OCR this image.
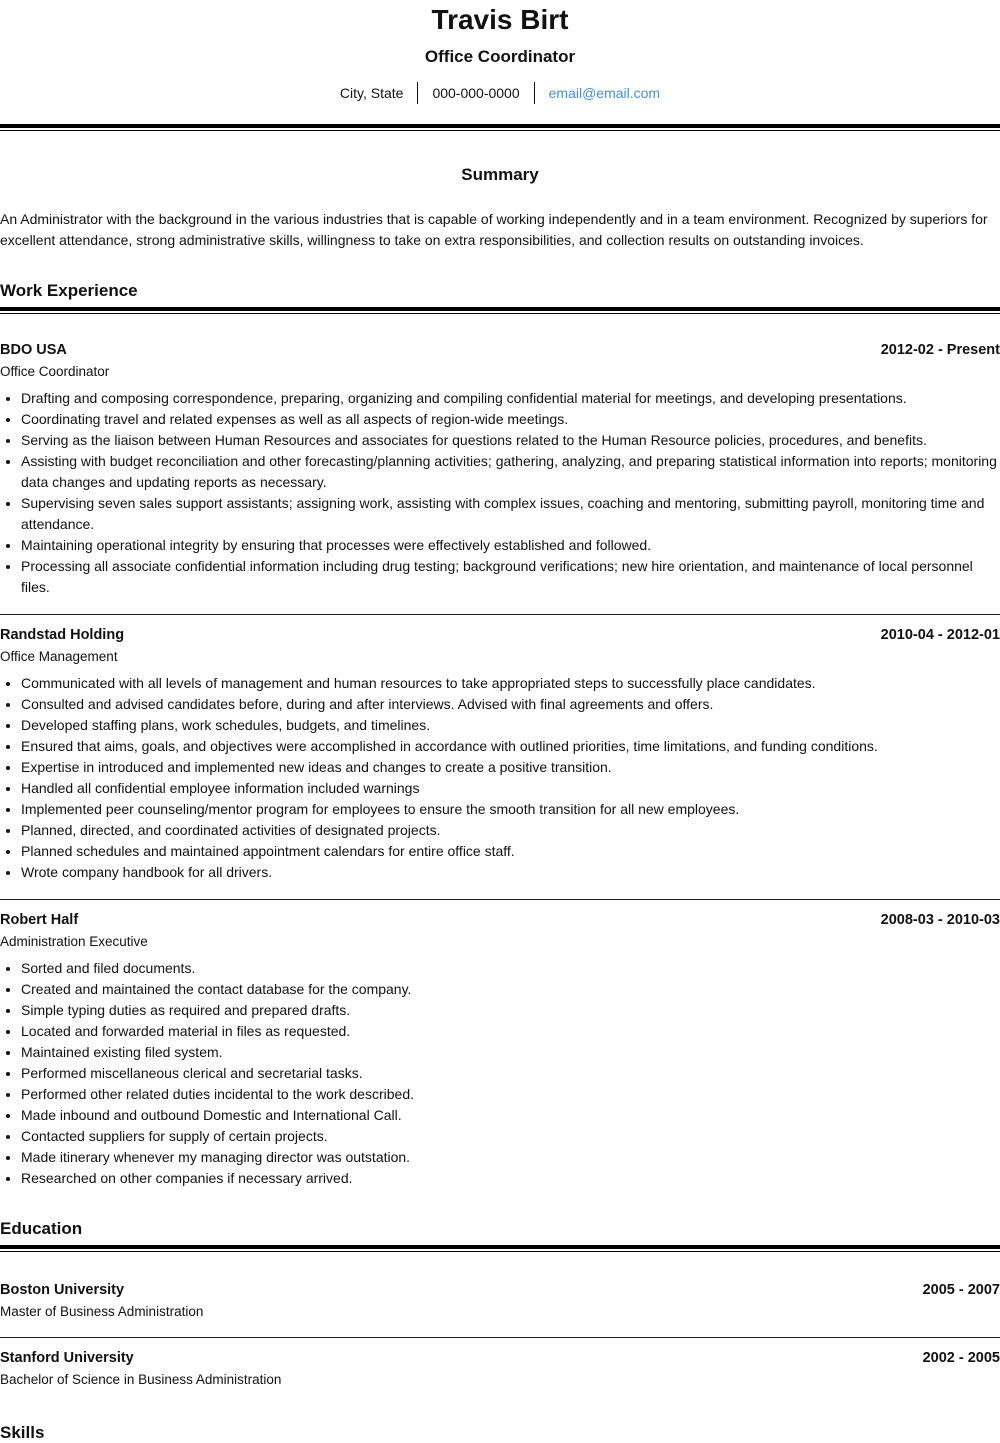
Travis Birt
Office Coordinator
City, State	000-000-0000	email@email.com
Summary
An Administrator with the background in the various industries that is capable of working independently and in a team environment. Recognized by superiors for excellent attendance, strong administrative skills, willingness to take on extra responsibilities, and collection results on outstanding invoices.
Work Experience
BDO USA	2012-02 - Present
Office Coordinator
• Drafting and composing correspondence, preparing, organizing and compiling confidential material for meetings, and developing presentations.
• Coordinating travel and related expenses as well as all aspects of region-wide meetings.
• Serving as the liaison between Human Resources and associates for questions related to the Human Resource policies, procedures, and benefits.
• Assisting with budget reconciliation and other forecasting/planning activities; gathering, analyzing, and preparing statistical information into reports; monitoring data changes and updating reports as necessary.
• Supervising seven sales support assistants; assigning work, assisting with complex issues, coaching and mentoring, submitting payroll, monitoring time and attendance.
• Maintaining operational integrity by ensuring that processes were effectively established and followed.
• Processing all associate confidential information including drug testing; background verifications; new hire orientation, and maintenance of local personnel files.
Randstad Holding	2010-04 - 2012-01
Office Management
• Communicated with all levels of management and human resources to take appropriated steps to successfully place candidates.
• Consulted and advised candidates before, during and after interviews. Advised with final agreements and offers.
• Developed staffing plans, work schedules, budgets, and timelines.
• Ensured that aims, goals, and objectives were accomplished in accordance with outlined priorities, time limitations, and funding conditions.
• Expertise in introduced and implemented new ideas and changes to create a positive transition.
• Handled all confidential employee information included warnings
• Implemented peer counseling/mentor program for employees to ensure the smooth transition for all new employees.
• Planned, directed, and coordinated activities of designated projects.
• Planned schedules and maintained appointment calendars for entire office staff.
• Wrote company handbook for all drivers.
Robert Half	2008-03 - 2010-03
Administration Executive
• Sorted and filed documents.
• Created and maintained the contact database for the company.
• Simple typing duties as required and prepared drafts.
• Located and forwarded material in files as requested.
• Maintained existing filed system.
• Performed miscellaneous clerical and secretarial tasks.
• Performed other related duties incidental to the work described.
• Made inbound and outbound Domestic and International Call.
• Contacted suppliers for supply of certain projects.
• Made itinerary whenever my managing director was outstation.
• Researched on other companies if necessary arrived.
Education
Boston University	2005 - 2007
Master of Business Administration
Stanford University	2002 - 2005
Bachelor of Science in Business Administration
Skills
